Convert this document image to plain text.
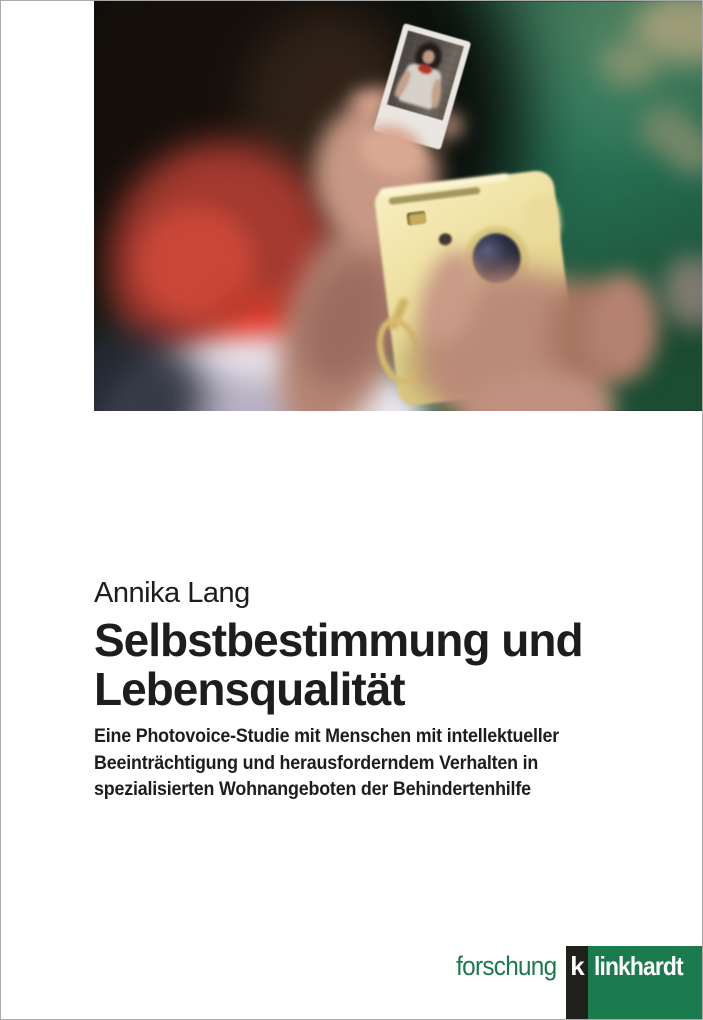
Annika Lang
Selbstbestimmung und
Lebensqualität
Eine Photovoice-Studie mit Menschen mit intellektueller
Beeinträchtigung und herausforderndem Verhalten in
spezialisierten Wohnangeboten der Behindertenhilfe
forschung k linkhardt
